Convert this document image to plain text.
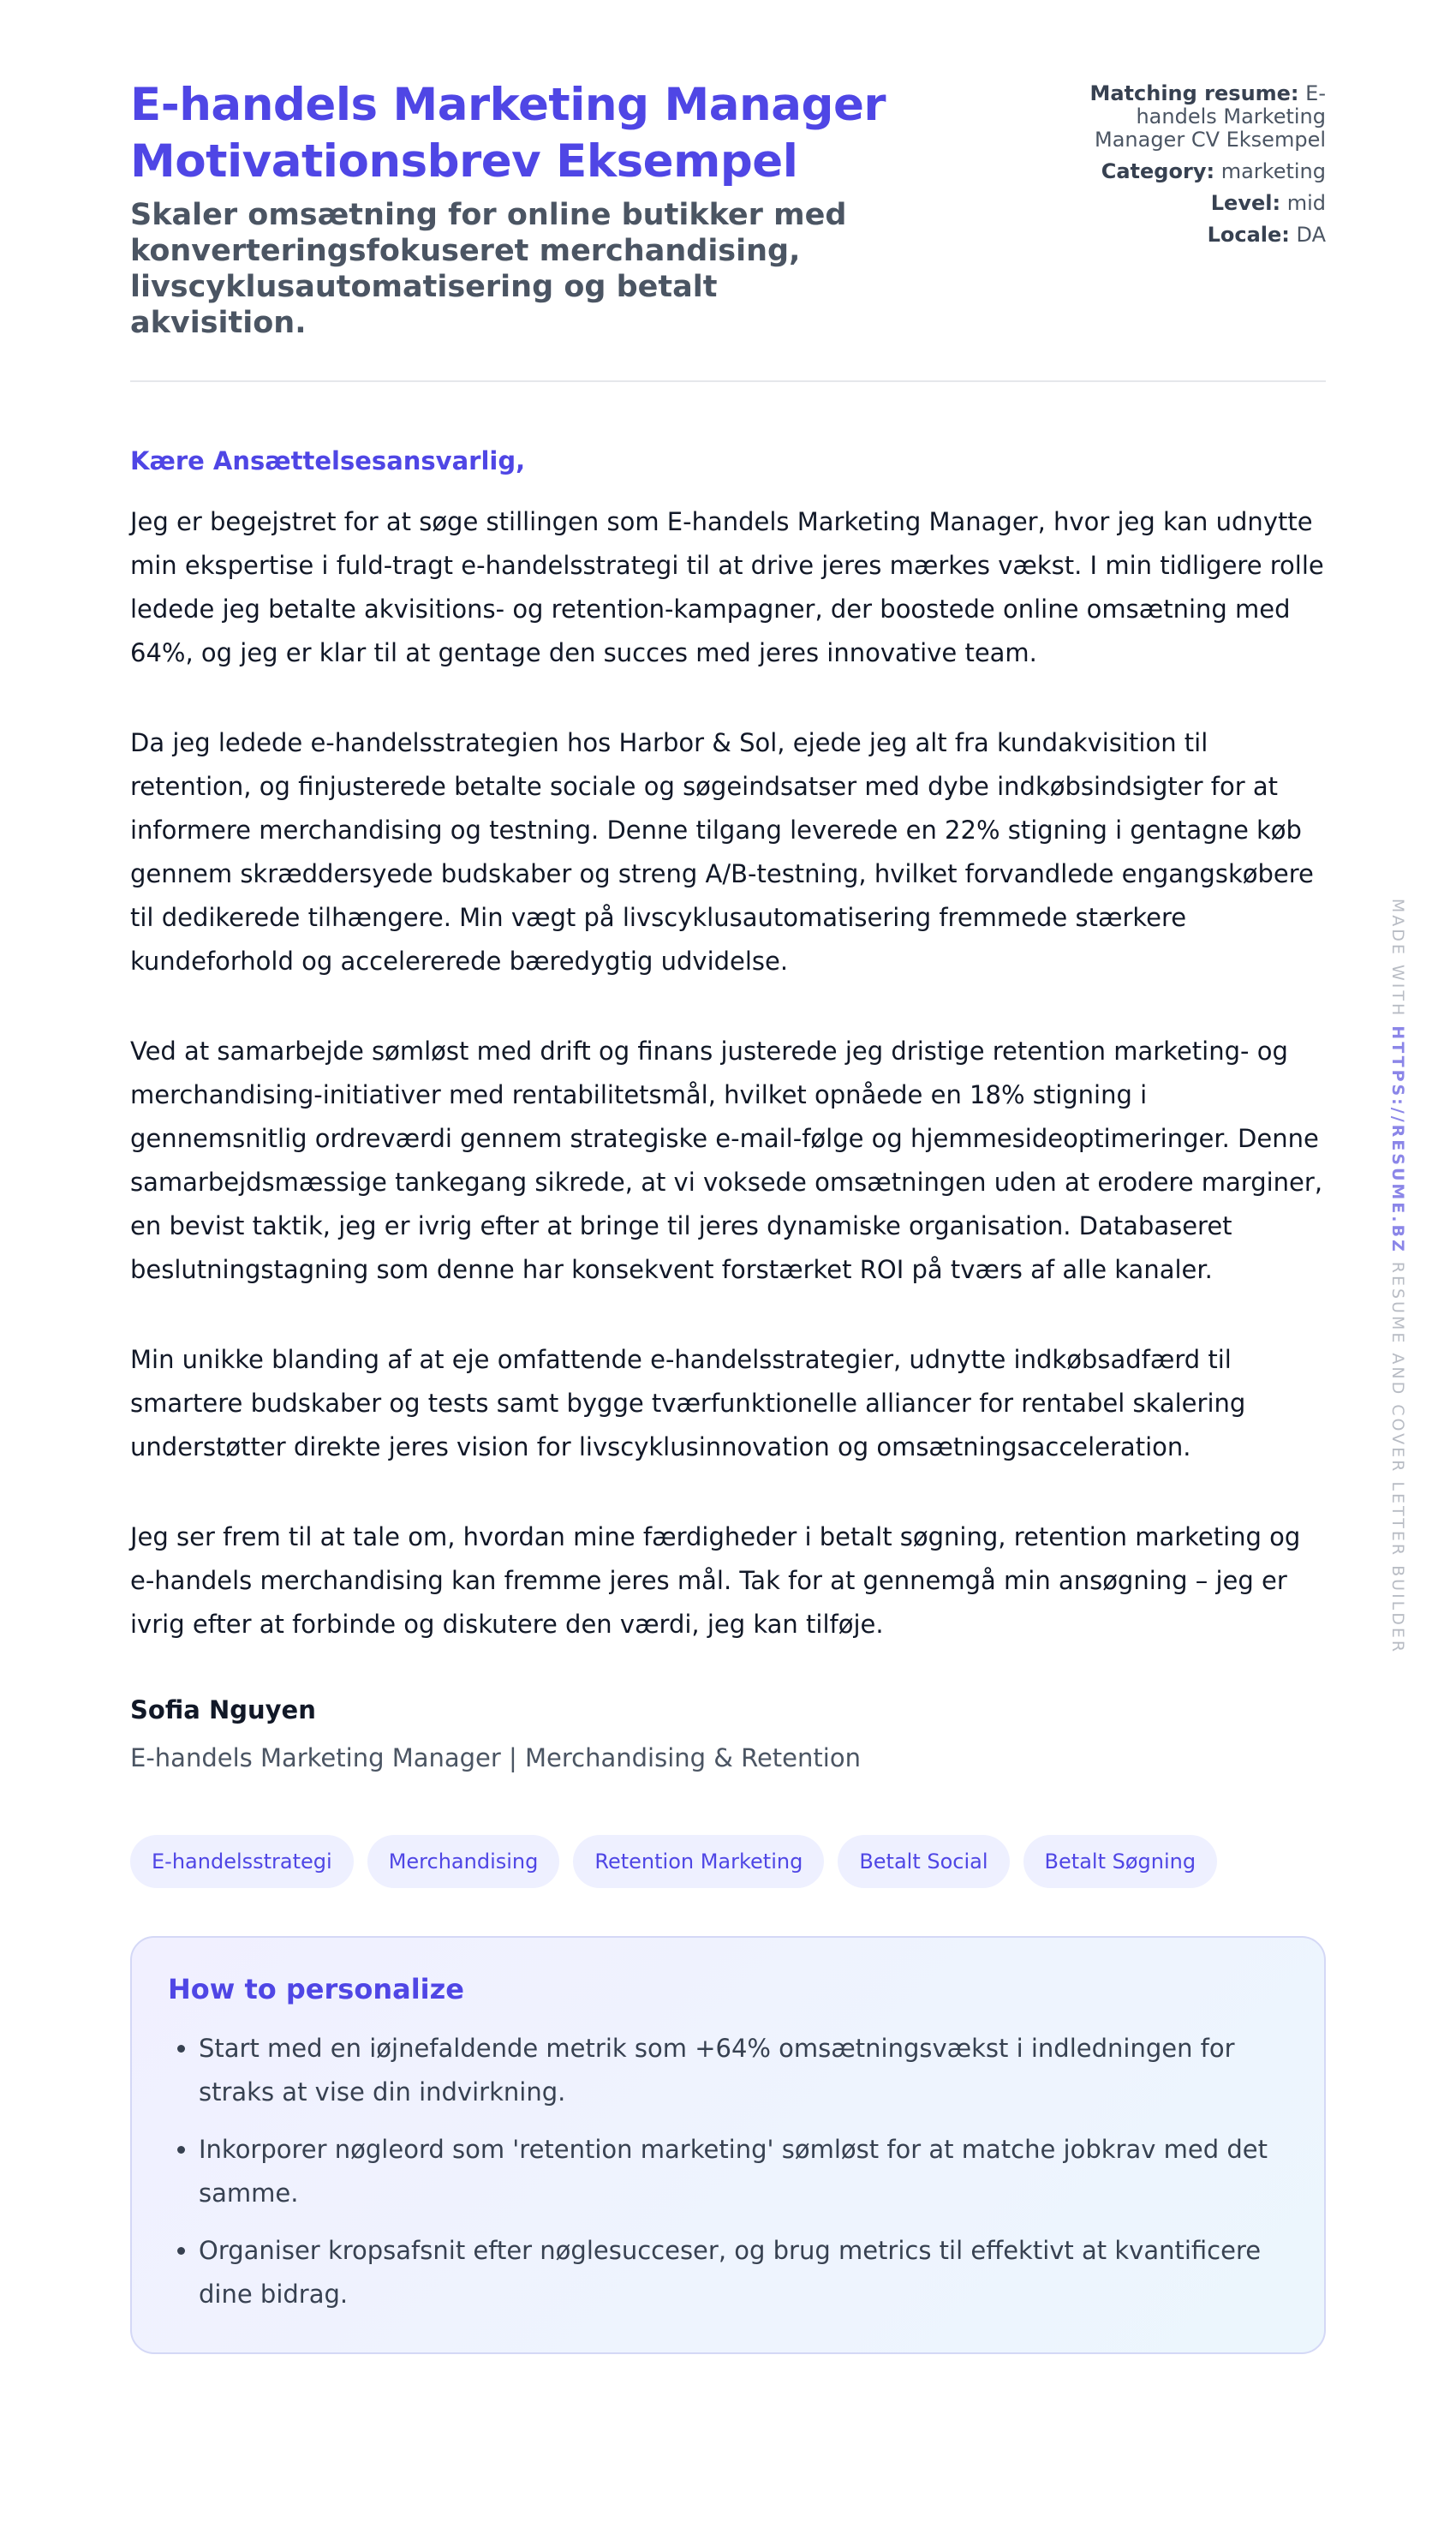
E-handels Marketing Manager Motivationsbrev Eksempel

Skaler omsætning for online butikker med konverteringsfokuseret merchandising, livscyklusautomatisering og betalt akvisition.

Matching resume: E-handels Marketing Manager CV Eksempel
Category: marketing
Level: mid
Locale: DA

Kære Ansættelsesansvarlig,

Jeg er begejstret for at søge stillingen som E-handels Marketing Manager, hvor jeg kan udnytte min ekspertise i fuld-tragt e-handelsstrategi til at drive jeres mærkes vækst. I min tidligere rolle ledede jeg betalte akvisitions- og retention-kampagner, der boostede online omsætning med 64%, og jeg er klar til at gentage den succes med jeres innovative team.

Da jeg ledede e-handelsstrategien hos Harbor & Sol, ejede jeg alt fra kundakvisition til retention, og finjusterede betalte sociale og søgeindsatser med dybe indkøbsindsigter for at informere merchandising og testning. Denne tilgang leverede en 22% stigning i gentagne køb gennem skræddersyede budskaber og streng A/B-testning, hvilket forvandlede engangskøbere til dedikerede tilhængere. Min vægt på livscyklusautomatisering fremmede stærkere kundeforhold og accelererede bæredygtig udvidelse.

Ved at samarbejde sømløst med drift og finans justerede jeg dristige retention marketing- og merchandising-initiativer med rentabilitetsmål, hvilket opnåede en 18% stigning i gennemsnitlig ordreværdi gennem strategiske e-mail-følge og hjemmesideoptimeringer. Denne samarbejdsmæssige tankegang sikrede, at vi voksede omsætningen uden at erodere marginer, en bevist taktik, jeg er ivrig efter at bringe til jeres dynamiske organisation. Databaseret beslutningstagning som denne har konsekvent forstærket ROI på tværs af alle kanaler.

Min unikke blanding af at eje omfattende e-handelsstrategier, udnytte indkøbsadfærd til smartere budskaber og tests samt bygge tværfunktionelle alliancer for rentabel skalering understøtter direkte jeres vision for livscyklusinnovation og omsætningsacceleration.

Jeg ser frem til at tale om, hvordan mine færdigheder i betalt søgning, retention marketing og e-handels merchandising kan fremme jeres mål. Tak for at gennemgå min ansøgning – jeg er ivrig efter at forbinde og diskutere den værdi, jeg kan tilføje.

Sofia Nguyen

E-handels Marketing Manager | Merchandising & Retention

E-handelsstrategi	Merchandising	Retention Marketing	Betalt Social	Betalt Søgning
How to personalize
• Start med en iøjnefaldende metrik som +64% omsætningsvækst i indledningen for straks at vise din indvirkning.
• Inkorporer nøgleord som 'retention marketing' sømløst for at matche jobkrav med det samme.
• Organiser kropsafsnit efter nøglesucceser, og brug metrics til effektivt at kvantificere dine bidrag.
MADE WITH HTTPS://RESUME.BZ RESUME AND COVER LETTER BUILDER
